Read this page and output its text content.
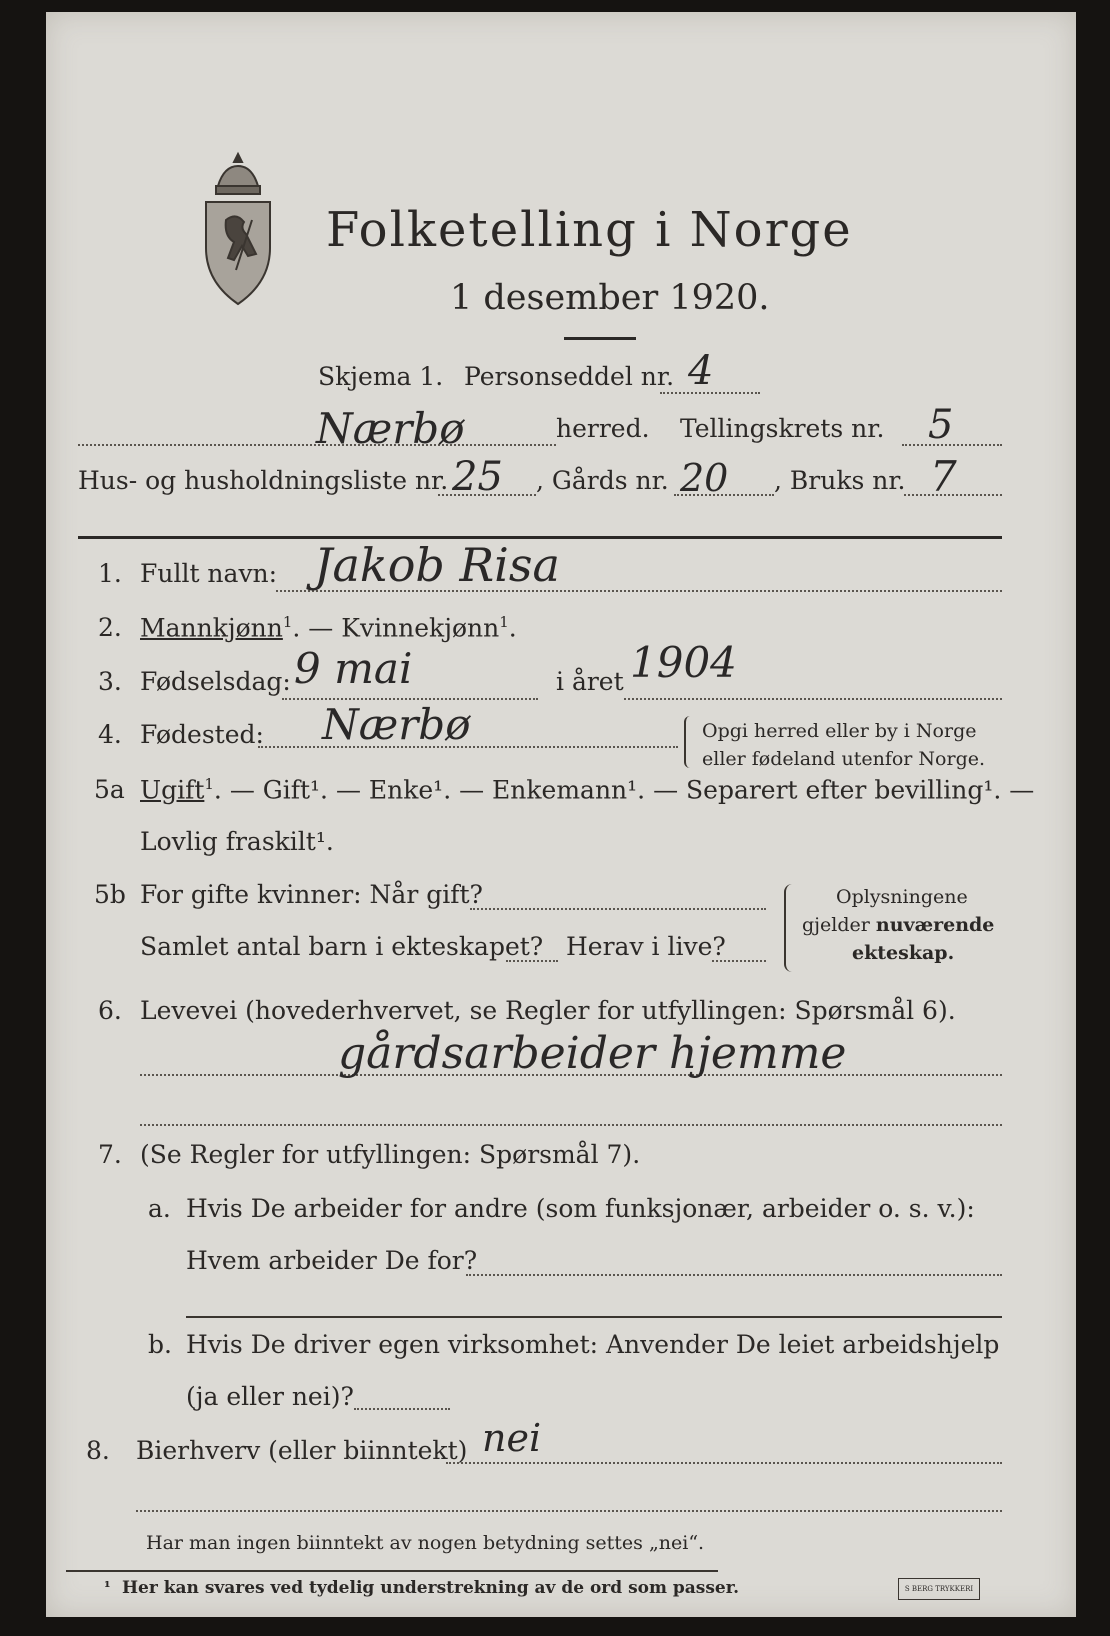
Folketelling i Norge
1 desember 1920.
Skjema 1. Personseddel nr. 4
Nærbø	herred. Tellingskrets nr. 5
Hus- og husholdningsliste nr. 25 , Gårds nr. 20 , Bruks nr. 7
1. Fullt navn: Jakob Risa
2. Mannkjønn$^1$. — Kvinnekjønn$^1$.
3. Fødselsdag: 9 mai	i året 1904
4. Fødested: Nærbø	Opgi herred eller by i Norge
eller fødeland utenfor Norge.
5a Ugift$^1$. — Gift¹. — Enke¹. — Enkemann¹. — Separert efter bevilling¹. —
Lovlig fraskilt¹.
5b For gifte kvinner: Når gift?
Samlet antal barn i ekteskapet? Herav i live?
Oplysningene
gjelder nuværende
ekteskap.
6. Levevei (hovederhvervet, se Regler for utfyllingen: Spørsmål 6).
gårdsarbeider hjemme
7. (Se Regler for utfyllingen: Spørsmål 7).
a. Hvis De arbeider for andre (som funksjonær, arbeider o. s. v.):
Hvem arbeider De for?
b. Hvis De driver egen virksomhet: Anvender De leiet arbeidshjelp
(ja eller nei)?
8. Bierhverv (eller biinntekt) nei
Har man ingen biinntekt av nogen betydning settes „nei“.
¹ Her kan svares ved tydelig understrekning av de ord som passer.	S BERG TRYKKERI
